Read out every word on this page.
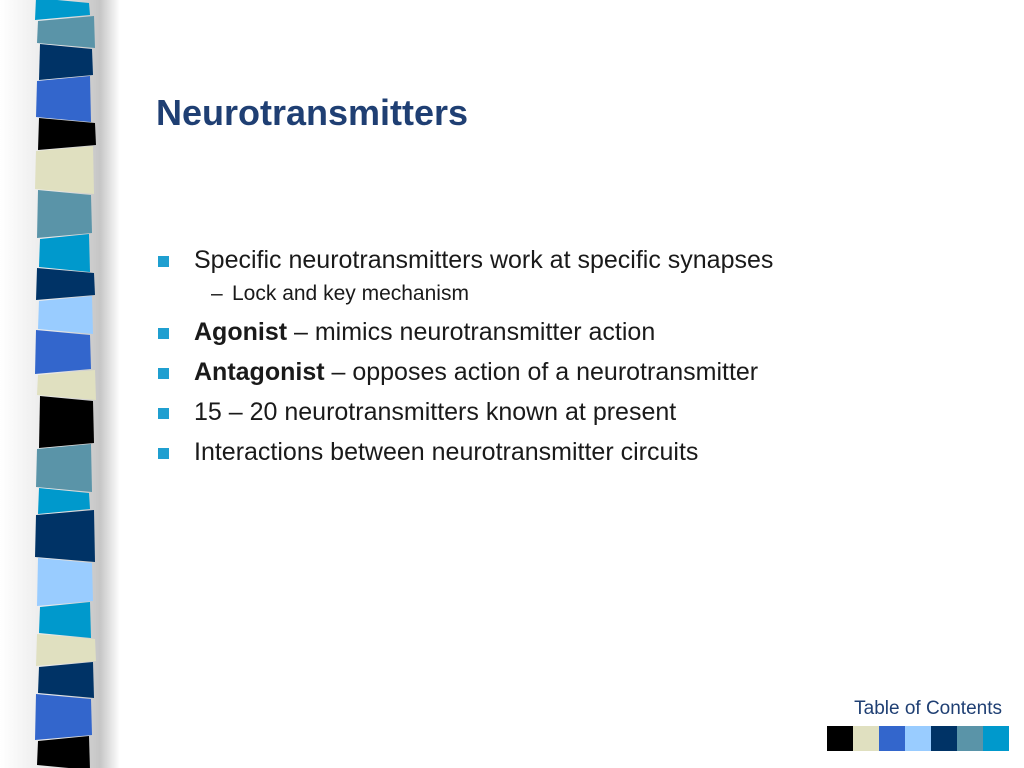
Neurotransmitters
Specific neurotransmitters work at specific synapses
– Lock and key mechanism
Agonist – mimics neurotransmitter action
Antagonist – opposes action of a neurotransmitter
15 – 20 neurotransmitters known at present
Interactions between neurotransmitter circuits
Table of Contents
